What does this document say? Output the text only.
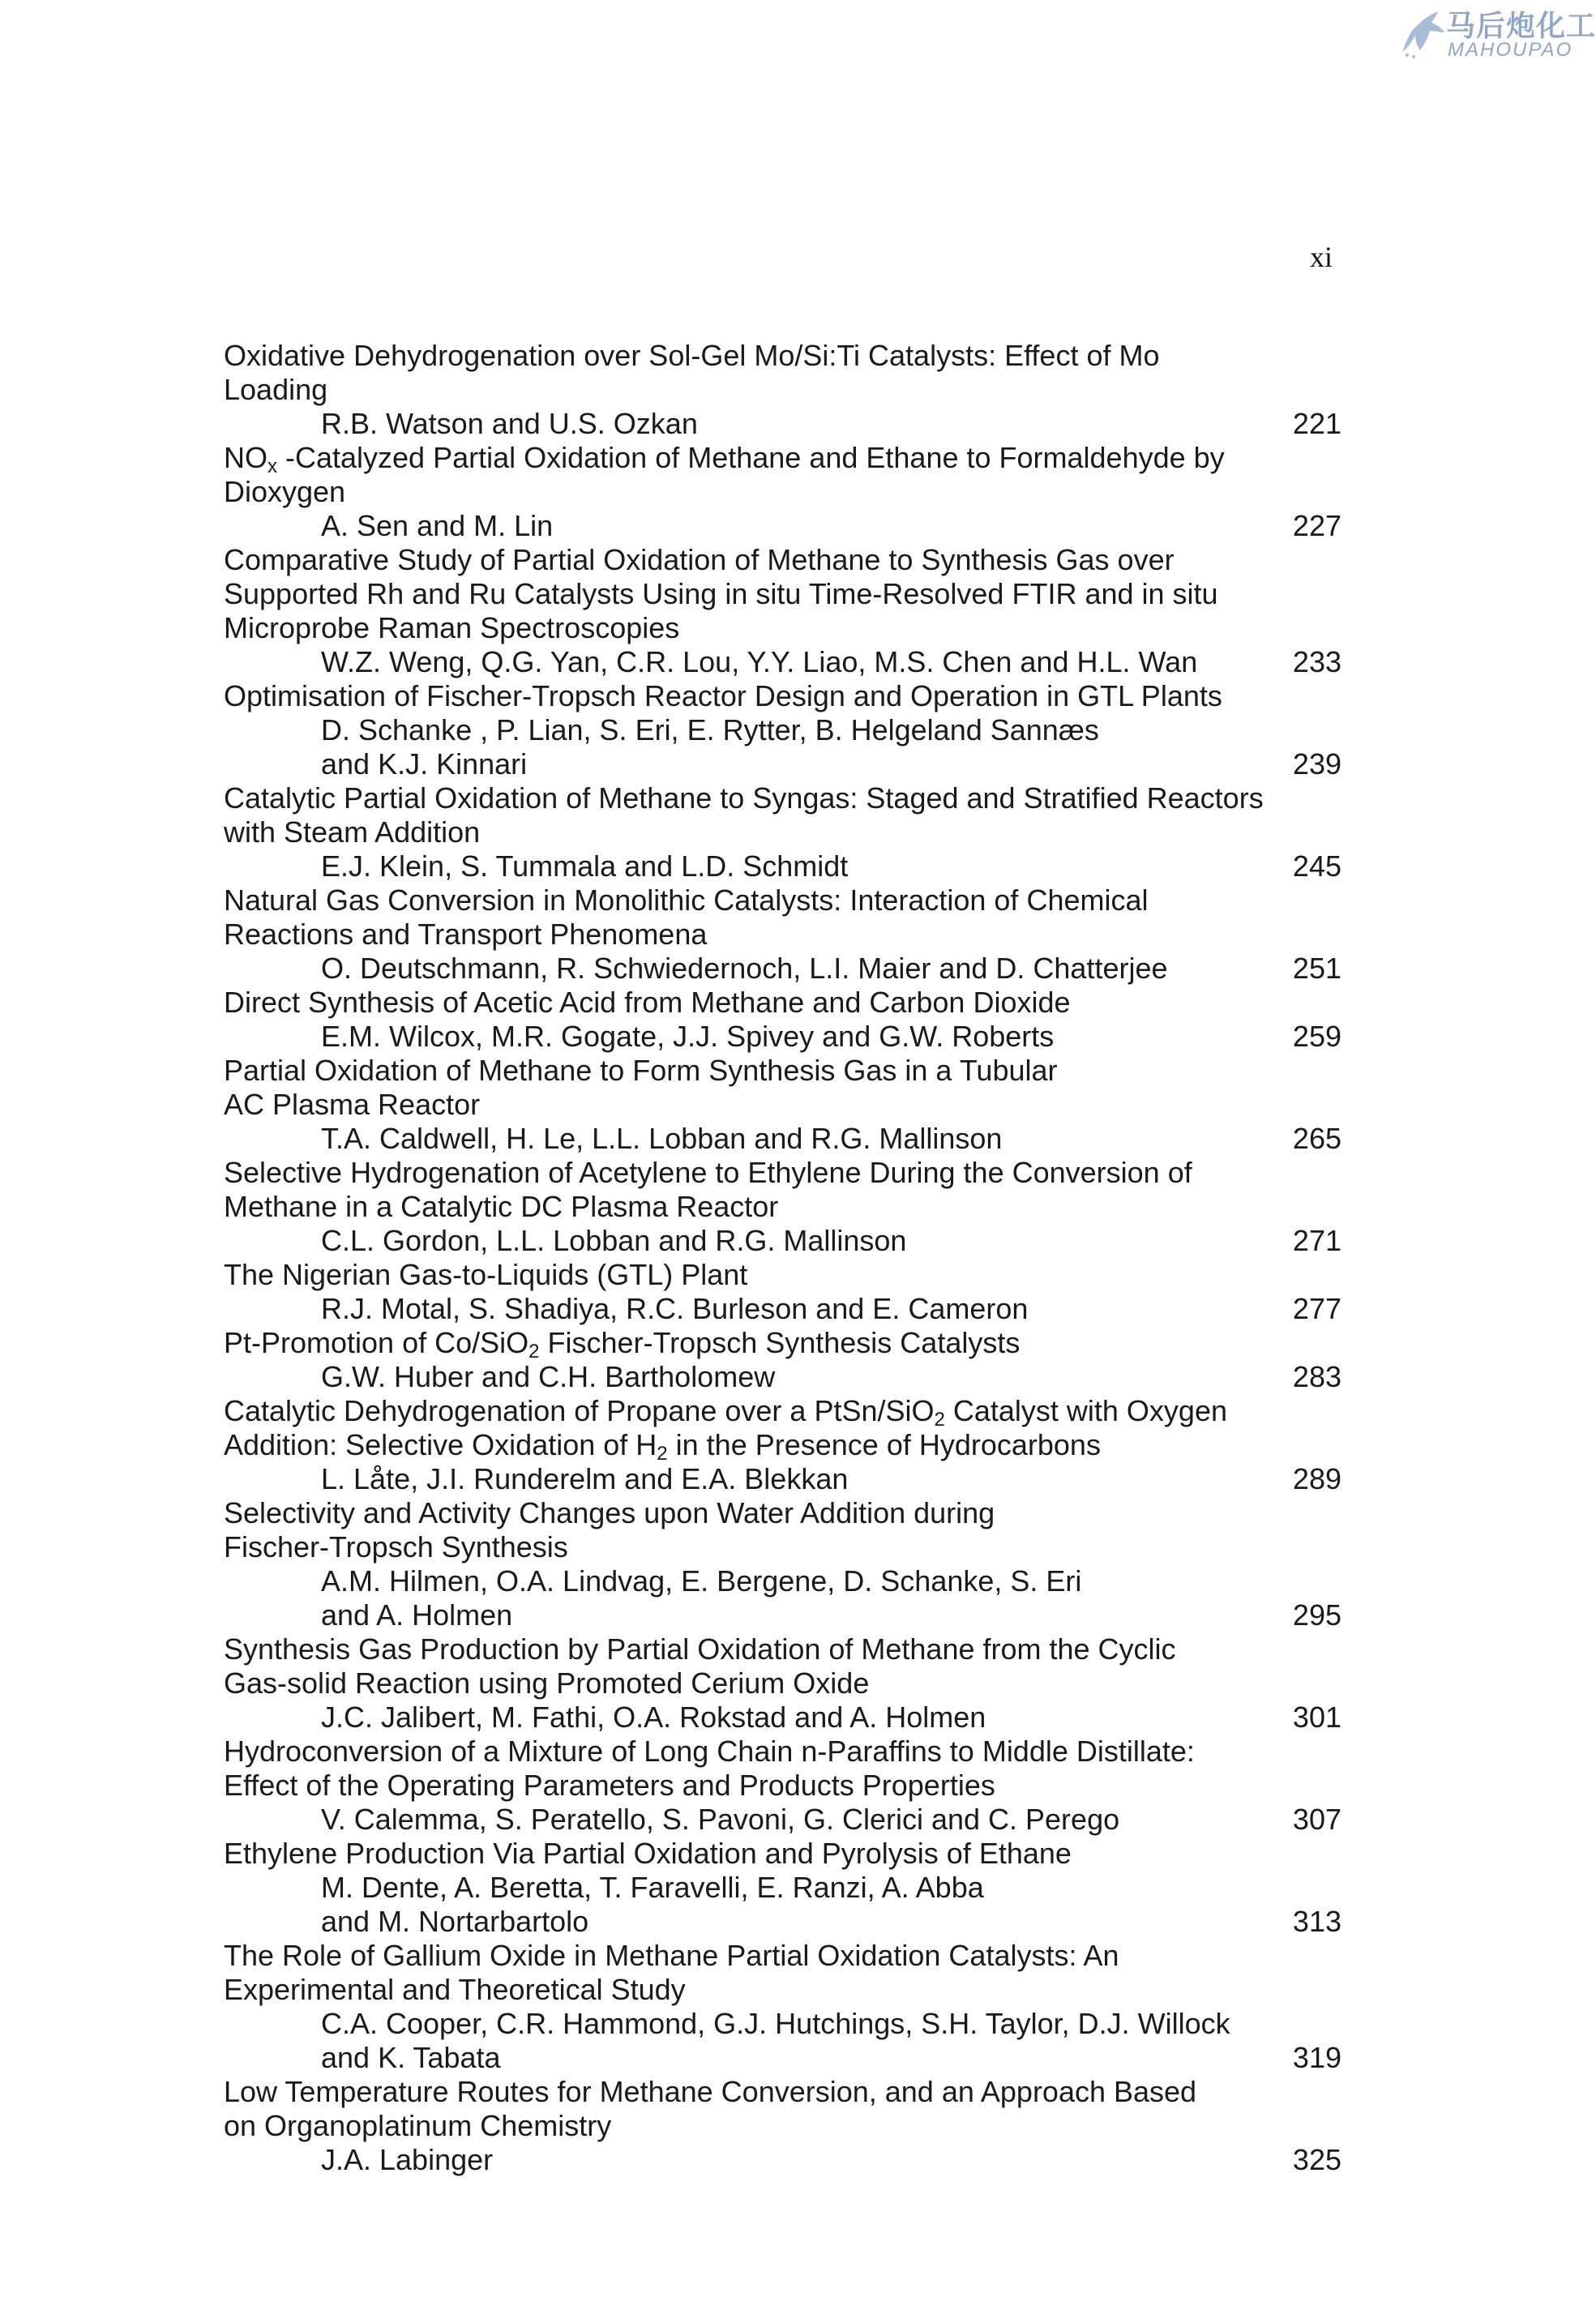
马后炮化工
MAHOUPAO
xi
Oxidative Dehydrogenation over Sol-Gel Mo/Si:Ti Catalysts: Effect of Mo
Loading
R.B. Watson and U.S. Ozkan	221
$NO_x$ -Catalyzed Partial Oxidation of Methane and Ethane to Formaldehyde by
Dioxygen
A. Sen and M. Lin	227
Comparative Study of Partial Oxidation of Methane to Synthesis Gas over
Supported Rh and Ru Catalysts Using in situ Time-Resolved FTIR and in situ
Microprobe Raman Spectroscopies
W.Z. Weng, Q.G. Yan, C.R. Lou, Y.Y. Liao, M.S. Chen and H.L. Wan	233
Optimisation of Fischer-Tropsch Reactor Design and Operation in GTL Plants
D. Schanke , P. Lian, S. Eri, E. Rytter, B. Helgeland Sannæs
and K.J. Kinnari	239
Catalytic Partial Oxidation of Methane to Syngas: Staged and Stratified Reactors
with Steam Addition
E.J. Klein, S. Tummala and L.D. Schmidt	245
Natural Gas Conversion in Monolithic Catalysts: Interaction of Chemical
Reactions and Transport Phenomena
O. Deutschmann, R. Schwiedernoch, L.I. Maier and D. Chatterjee	251
Direct Synthesis of Acetic Acid from Methane and Carbon Dioxide
E.M. Wilcox, M.R. Gogate, J.J. Spivey and G.W. Roberts	259
Partial Oxidation of Methane to Form Synthesis Gas in a Tubular
AC Plasma Reactor
T.A. Caldwell, H. Le, L.L. Lobban and R.G. Mallinson	265
Selective Hydrogenation of Acetylene to Ethylene During the Conversion of
Methane in a Catalytic DC Plasma Reactor
C.L. Gordon, L.L. Lobban and R.G. Mallinson	271
The Nigerian Gas-to-Liquids (GTL) Plant
R.J. Motal, S. Shadiya, R.C. Burleson and E. Cameron	277
Pt-Promotion of Co/SiO$_2$ Fischer-Tropsch Synthesis Catalysts
G.W. Huber and C.H. Bartholomew	283
Catalytic Dehydrogenation of Propane over a PtSn/SiO$_2$ Catalyst with Oxygen
Addition: Selective Oxidation of $H_2$ in the Presence of Hydrocarbons
L. Låte, J.I. Runderelm and E.A. Blekkan	289
Selectivity and Activity Changes upon Water Addition during
Fischer-Tropsch Synthesis
A.M. Hilmen, O.A. Lindvag, E. Bergene, D. Schanke, S. Eri
and A. Holmen	295
Synthesis Gas Production by Partial Oxidation of Methane from the Cyclic
Gas-solid Reaction using Promoted Cerium Oxide
J.C. Jalibert, M. Fathi, O.A. Rokstad and A. Holmen	301
Hydroconversion of a Mixture of Long Chain n-Paraffins to Middle Distillate:
Effect of the Operating Parameters and Products Properties
V. Calemma, S. Peratello, S. Pavoni, G. Clerici and C. Perego	307
Ethylene Production Via Partial Oxidation and Pyrolysis of Ethane
M. Dente, A. Beretta, T. Faravelli, E. Ranzi, A. Abba
and M. Nortarbartolo	313
The Role of Gallium Oxide in Methane Partial Oxidation Catalysts: An
Experimental and Theoretical Study
C.A. Cooper, C.R. Hammond, G.J. Hutchings, S.H. Taylor, D.J. Willock
and K. Tabata	319
Low Temperature Routes for Methane Conversion, and an Approach Based
on Organoplatinum Chemistry
J.A. Labinger	325
